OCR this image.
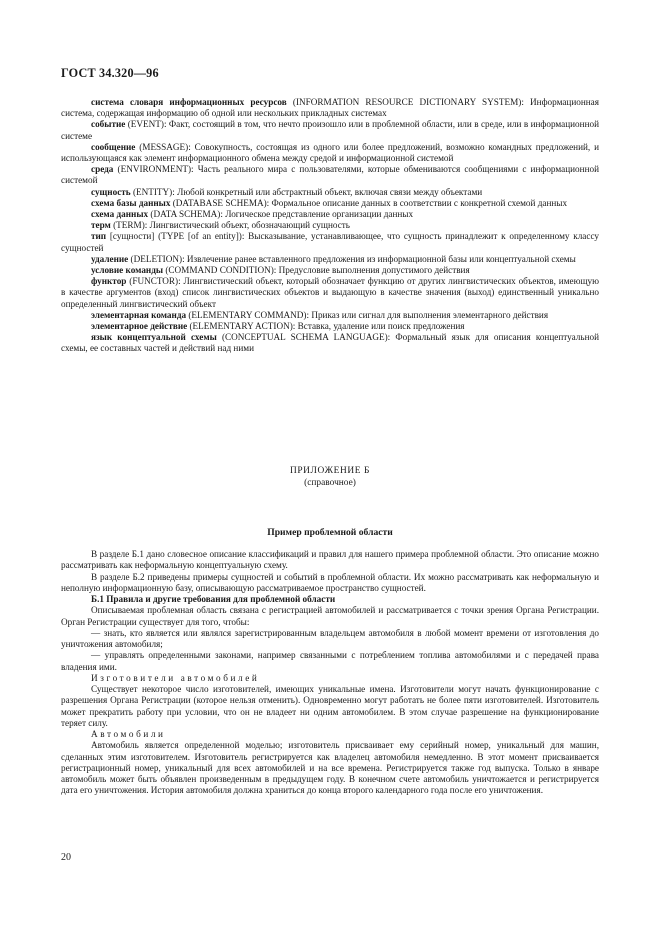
ГОСТ 34.320—96

система словаря информационных ресурсов (INFORMATION RESOURCE DICTIONARY SYSTEM): Информационная система, содержащая информацию об одной или нескольких прикладных системах

событие (EVENT): Факт, состоящий в том, что нечто произошло или в проблемной области, или в среде, или в информационной системе

сообщение (MESSAGE): Совокупность, состоящая из одного или более предложений, возможно командных предложений, и использующаяся как элемент информационного обмена между средой и информационной системой

среда (ENVIRONMENT): Часть реального мира с пользователями, которые обмениваются сообщениями с информационной системой

сущность (ENTITY): Любой конкретный или абстрактный объект, включая связи между объектами

схема базы данных (DATABASE SCHEMA): Формальное описание данных в соответствии с конкретной схемой данных

схема данных (DATA SCHEMA): Логическое представление организации данных

терм (TERM): Лингвистический объект, обозначающий сущность

тип [сущности] (TYPE [of an entity]): Высказывание, устанавливающее, что сущность принадлежит к определенному классу сущностей

удаление (DELETION): Извлечение ранее вставленного предложения из информационной базы или концептуальной схемы

условие команды (COMMAND CONDITION): Предусловие выполнения допустимого действия

функтор (FUNCTOR): Лингвистический объект, который обозначает функцию от других лингвистических объектов, имеющую в качестве аргументов (вход) список лингвистических объектов и выдающую в качестве значения (выход) единственный уникально определенный лингвистический объект

элементарная команда (ELEMENTARY COMMAND): Приказ или сигнал для выполнения элементарного действия

элементарное действие (ELEMENTARY ACTION): Вставка, удаление или поиск предложения

язык концептуальной схемы (CONCEPTUAL SCHEMA LANGUAGE): Формальный язык для описания концептуальной схемы, ее составных частей и действий над ними

ПРИЛОЖЕНИЕ Б
(справочное)
Пример проблемной области

В разделе Б.1 дано словесное описание классификаций и правил для нашего примера проблемной области. Это описание можно рассматривать как неформальную концептуальную схему.

В разделе Б.2 приведены примеры сущностей и событий в проблемной области. Их можно рассматривать как неформальную и неполную информационную базу, описывающую рассматриваемое пространство сущностей.

Б.1 Правила и другие требования для проблемной области

Описываемая проблемная область связана с регистрацией автомобилей и рассматривается с точки зрения Органа Регистрации. Орган Регистрации существует для того, чтобы:

— знать, кто является или являлся зарегистрированным владельцем автомобиля в любой момент времени от изготовления до уничтожения автомобиля;

— управлять определенными законами, например связанными с потреблением топлива автомобилями и с передачей права владения ими.

Изготовители автомобилей

Существует некоторое число изготовителей, имеющих уникальные имена. Изготовители могут начать функционирование с разрешения Органа Регистрации (которое нельзя отменить). Одновременно могут работать не более пяти изготовителей. Изготовитель может прекратить работу при условии, что он не владеет ни одним автомобилем. В этом случае разрешение на функционирование теряет силу.

Автомобили

Автомобиль является определенной моделью; изготовитель присваивает ему серийный номер, уникальный для машин, сделанных этим изготовителем. Изготовитель регистрируется как владелец автомобиля немедленно. В этот момент присваивается регистрационный номер, уникальный для всех автомобилей и на все времена. Регистрируется также год выпуска. Только в январе автомобиль может быть объявлен произведенным в предыдущем году. В конечном счете автомобиль уничтожается и регистрируется дата его уничтожения. История автомобиля должна храниться до конца второго календарного года после его уничтожения.

20
